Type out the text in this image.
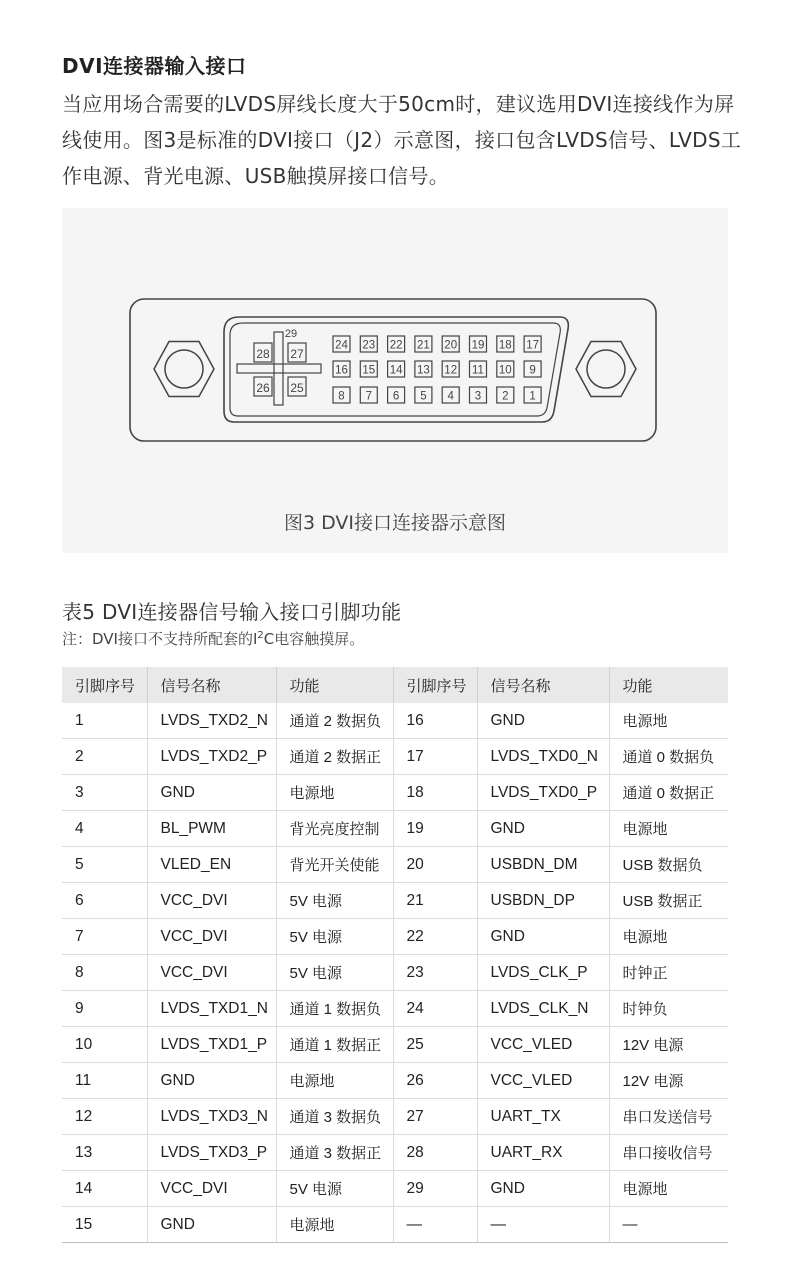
DVI连接器输入接口

当应用场合需要的LVDS屏线长度大于50cm时，建议选用DVI连接线作为屏线使用。图3是标准的DVI接口（J2）示意图，接口包含LVDS信号、LVDS工作电源、背光电源、USB触摸屏接口信号。

28 27
26 25
29
24 23 22 21 20 19 18 17
16 15 14 13 12 11 10 9
8 7 6 5 4 3 2 1
图3 DVI接口连接器示意图
表5 DVI连接器信号输入接口引脚功能

注：DVI接口不支持所配套的$I^2C$电容触摸屏。

引脚序号	信号名称	功能	引脚序号	信号名称	功能
1	LVDS_TXD2_N	通道 2 数据负	16	GND	电源地
2	LVDS_TXD2_P	通道 2 数据正	17	LVDS_TXD0_N	通道 0 数据负
3	GND	电源地	18	LVDS_TXD0_P	通道 0 数据正
4	BL_PWM	背光亮度控制	19	GND	电源地
5	VLED_EN	背光开关使能	20	USBDN_DM	USB 数据负
6	VCC_DVI	5V 电源	21	USBDN_DP	USB 数据正
7	VCC_DVI	5V 电源	22	GND	电源地
8	VCC_DVI	5V 电源	23	LVDS_CLK_P	时钟正
9	LVDS_TXD1_N	通道 1 数据负	24	LVDS_CLK_N	时钟负
10	LVDS_TXD1_P	通道 1 数据正	25	VCC_VLED	12V 电源
11	GND	电源地	26	VCC_VLED	12V 电源
12	LVDS_TXD3_N	通道 3 数据负	27	UART_TX	串口发送信号
13	LVDS_TXD3_P	通道 3 数据正	28	UART_RX	串口接收信号
14	VCC_DVI	5V 电源	29	GND	电源地
15	GND	电源地	—	—	—
